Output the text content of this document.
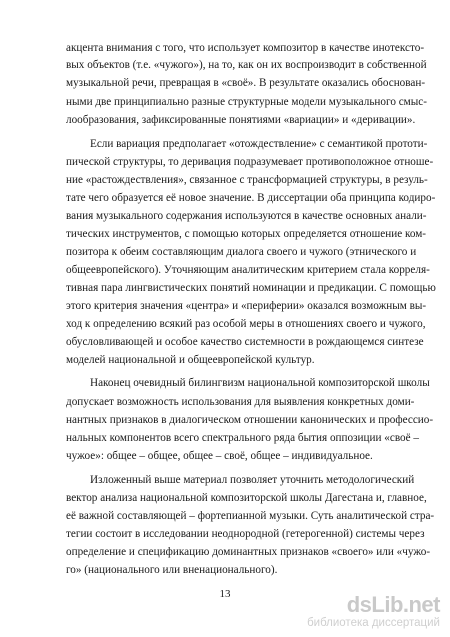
акцента внимания с того, что использует композитор в качестве инотексто-
вых объектов (т.е. «чужого»), на то, как он их воспроизводит в собственной
музыкальной речи, превращая в «своё». В результате оказались обоснован-
ными две принципиально разные структурные модели музыкального смыс-
лообразования, зафиксированные понятиями «вариации» и «деривации».
Если вариация предполагает «отождествление» с семантикой прототи-
пической структуры, то деривация подразумевает противоположное отноше-
ние «растождествления», связанное с трансформацией структуры, в резуль-
тате чего образуется её новое значение. В диссертации оба принципа кодиро-
вания музыкального содержания используются в качестве основных анали-
тических инструментов, с помощью которых определяется отношение ком-
позитора к обеим составляющим диалога своего и чужого (этнического и
общеевропейского). Уточняющим аналитическим критерием стала корреля-
тивная пара лингвистических понятий номинации и предикации. С помощью
этого критерия значения «центра» и «периферии» оказался возможным вы-
ход к определению всякий раз особой меры в отношениях своего и чужого,
обусловливающей и особое качество системности в рождающемся синтезе
моделей национальной и общеевропейской культур.
Наконец очевидный билингвизм национальной композиторской школы
допускает возможность использования для выявления конкретных доми-
нантных признаков в диалогическом отношении канонических и профессио-
нальных компонентов всего спектрального ряда бытия оппозиции «своё –
чужое»: общее – общее, общее – своё, общее – индивидуальное.
Изложенный выше материал позволяет уточнить методологический
вектор анализа национальной композиторской школы Дагестана и, главное,
её важной составляющей – фортепианной музыки. Суть аналитической стра-
тегии состоит в исследовании неоднородной (гетерогенной) системы через
определение и спецификацию доминантных признаков «своего» или «чужо-
го» (национального или вненационального).
13	dsLib.net
библиотека диссертаций
